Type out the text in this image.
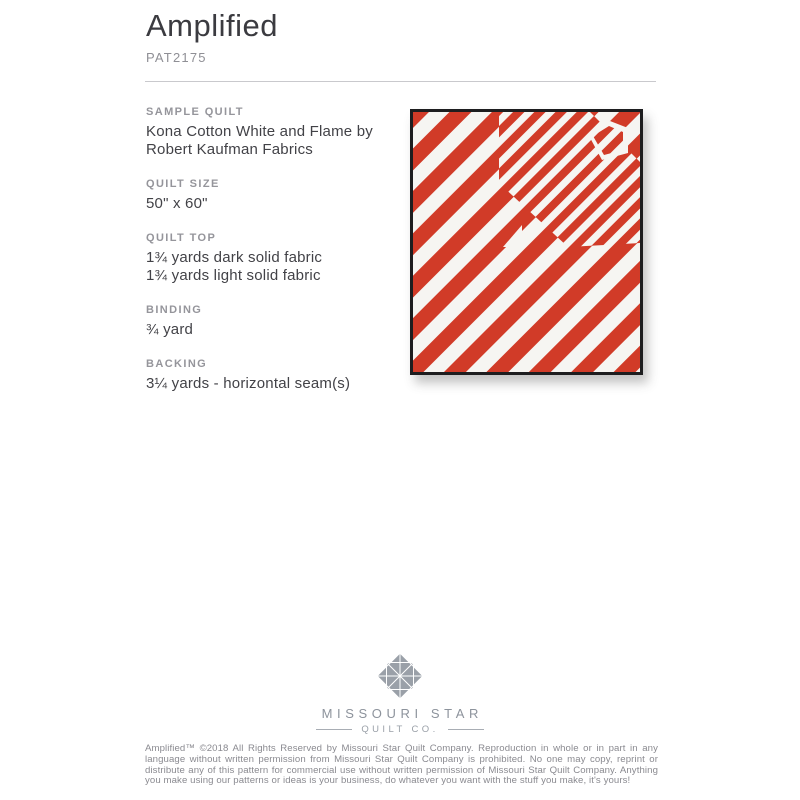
Amplified
PAT2175
SAMPLE QUILT
Kona Cotton White and Flame by
Robert Kaufman Fabrics
QUILT SIZE
50" x 60"
QUILT TOP
1¾ yards dark solid fabric
1¾ yards light solid fabric
BINDING
¾ yard
BACKING
3¼ yards - horizontal seam(s)
MISSOURI STAR
QUILT CO.
Amplified™ ©2018 All Rights Reserved by Missouri Star Quilt Company. Reproduction in whole or in part in any language without written permission from Missouri Star Quilt Company is prohibited. No one may copy, reprint or distribute any of this pattern for commercial use without written permission of Missouri Star Quilt Company. Anything you make using our patterns or ideas is your business, do whatever you want with the stuff you make, it's yours!
